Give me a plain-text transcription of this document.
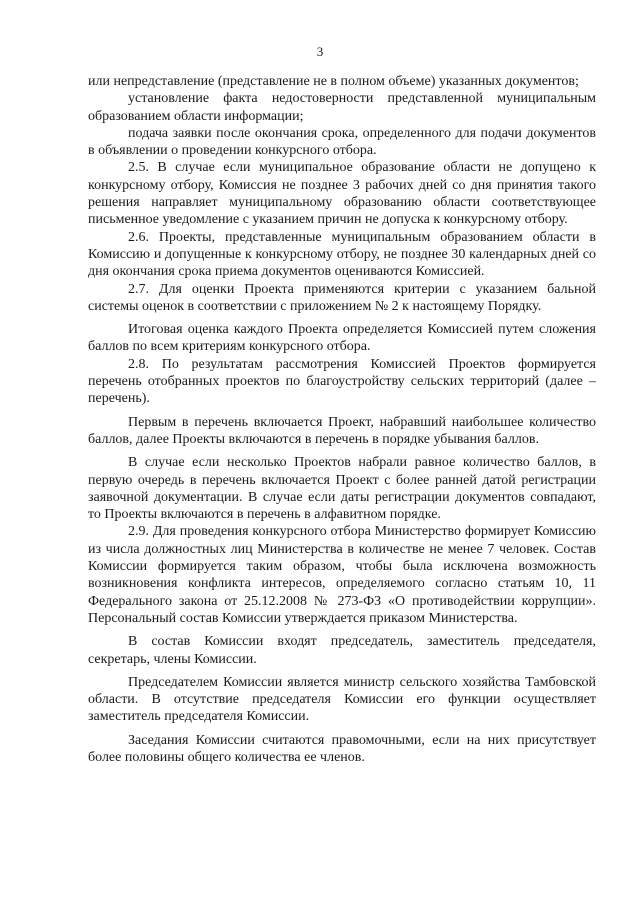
3

или непредставление (представление не в полном объеме) указанных документов;

установление факта недостоверности представленной муниципальным образованием области информации;

подача заявки после окончания срока, определенного для подачи документов в объявлении о проведении конкурсного отбора.

2.5. В случае если муниципальное образование области не допущено к конкурсному отбору, Комиссия не позднее 3 рабочих дней со дня принятия такого решения направляет муниципальному образованию области соответствующее письменное уведомление с указанием причин не допуска к конкурсному отбору.

2.6. Проекты, представленные муниципальным образованием области в Комиссию и допущенные к конкурсному отбору, не позднее 30 календарных дней со дня окончания срока приема документов оцениваются Комиссией.

2.7. Для оценки Проекта применяются критерии с указанием бальной системы оценок в соответствии с приложением № 2 к настоящему Порядку.

Итоговая оценка каждого Проекта определяется Комиссией путем сложения баллов по всем критериям конкурсного отбора.

2.8. По результатам рассмотрения Комиссией Проектов формируется перечень отобранных проектов по благоустройству сельских территорий (далее – перечень).

Первым в перечень включается Проект, набравший наибольшее количество баллов, далее Проекты включаются в перечень в порядке убывания баллов.

В случае если несколько Проектов набрали равное количество баллов, в первую очередь в перечень включается Проект с более ранней датой регистрации заявочной документации. В случае если даты регистрации документов совпадают, то Проекты включаются в перечень в алфавитном порядке.

2.9. Для проведения конкурсного отбора Министерство формирует Комиссию из числа должностных лиц Министерства в количестве не менее 7 человек. Состав Комиссии формируется таким образом, чтобы была исключена возможность возникновения конфликта интересов, определяемого согласно статьям 10, 11 Федерального закона от 25.12.2008 № 273-ФЗ «О противодействии коррупции». Персональный состав Комиссии утверждается приказом Министерства.

В состав Комиссии входят председатель, заместитель председателя, секретарь, члены Комиссии.

Председателем Комиссии является министр сельского хозяйства Тамбовской области. В отсутствие председателя Комиссии его функции осуществляет заместитель председателя Комиссии.

Заседания Комиссии считаются правомочными, если на них присутствует более половины общего количества ее членов.
